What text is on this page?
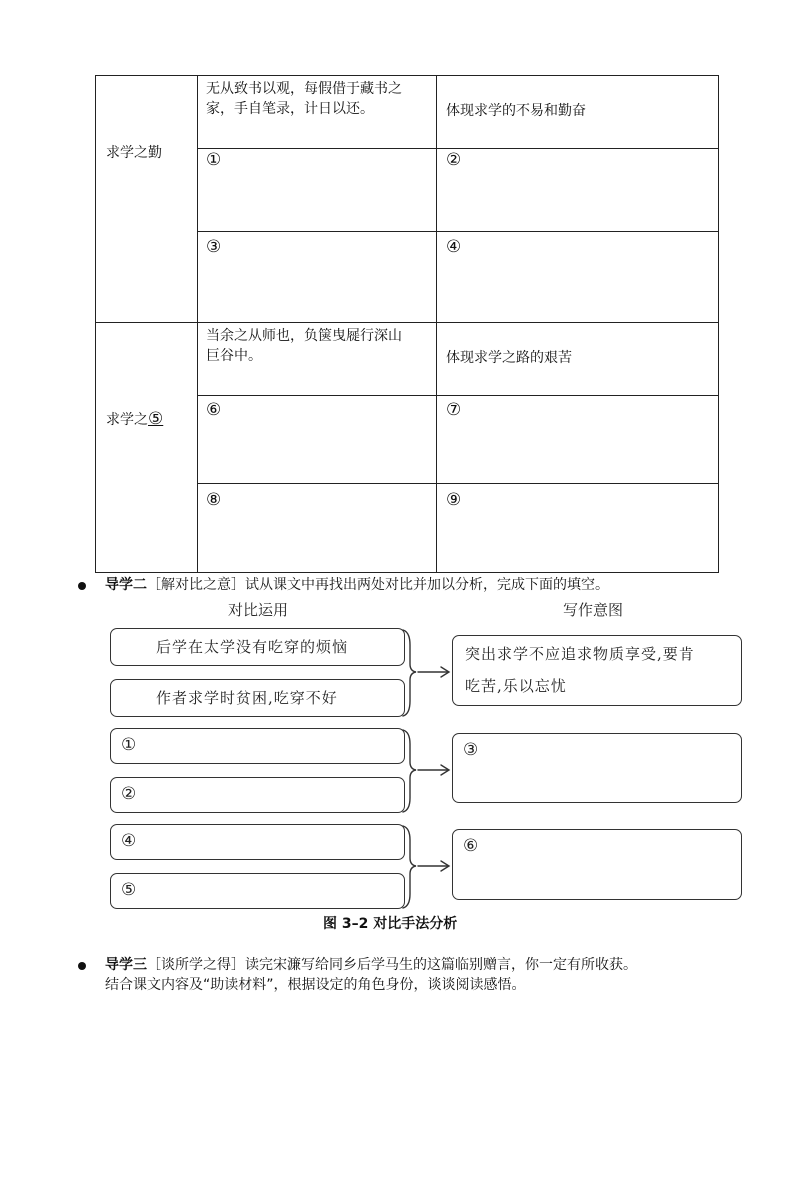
求学之勤
无从致书以观，每假借于藏书之
家，手自笔录，计日以还。	体现求学的不易和勤奋
①	②
③	④

求学之⑤

当余之从师也，负箧曳屣行深山
巨谷中。	体现求学之路的艰苦
⑥	⑦
⑧	⑨
导学二［解对比之意］试从课文中再找出两处对比并加以分析，完成下面的填空。
对比运用	写作意图
后学在太学没有吃穿的烦恼
作者求学时贫困,吃穿不好
突出求学不应追求物质享受,要肯
吃苦,乐以忘忧
①
②
③
④
⑤
⑥
图 3–2 对比手法分析
导学三［谈所学之得］读完宋濂写给同乡后学马生的这篇临别赠言，你一定有所收获。
结合课文内容及“助读材料”，根据设定的角色身份，谈谈阅读感悟。
